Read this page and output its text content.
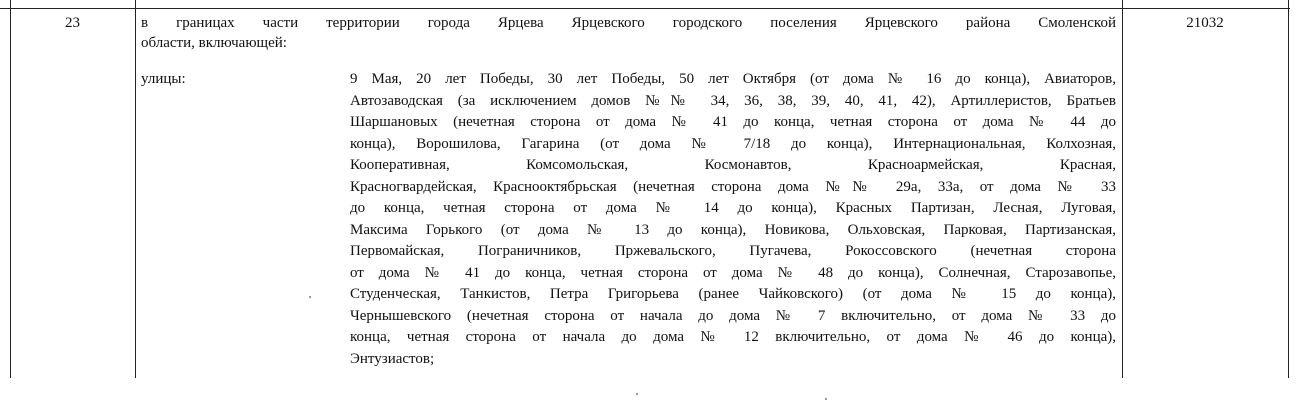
23	в границах части территории города Ярцева Ярцевского городского поселения Ярцевского района Смоленской
области, включающей:
улицы:	9 Мая, 20 лет Победы, 30 лет Победы, 50 лет Октября (от дома № 16 до конца), Авиаторов,
Автозаводская (за исключением домов №№ 34, 36, 38, 39, 40, 41, 42), Артиллеристов, Братьев
Шаршановых (нечетная сторона от дома № 41 до конца, четная сторона от дома № 44 до
конца), Ворошилова, Гагарина (от дома № 7/18 до конца), Интернациональная, Колхозная,
Кооперативная, Комсомольская, Космонавтов, Красноармейская, Красная,
Красногвардейская, Краснооктябрьская (нечетная сторона дома №№ 29а, 33а, от дома № 33
до конца, четная сторона от дома № 14 до конца), Красных Партизан, Лесная, Луговая,
Максима Горького (от дома № 13 до конца), Новикова, Ольховская, Парковая, Партизанская,
Первомайская, Пограничников, Пржевальского, Пугачева, Рокоссовского (нечетная сторона
от дома № 41 до конца, четная сторона от дома № 48 до конца), Солнечная, Старозавопье,
Студенческая, Танкистов, Петра Григорьева (ранее Чайковского) (от дома № 15 до конца),
Чернышевского (нечетная сторона от начала до дома № 7 включительно, от дома № 33 до
конца, четная сторона от начала до дома № 12 включительно, от дома № 46 до конца),
Энтузиастов;
21032
